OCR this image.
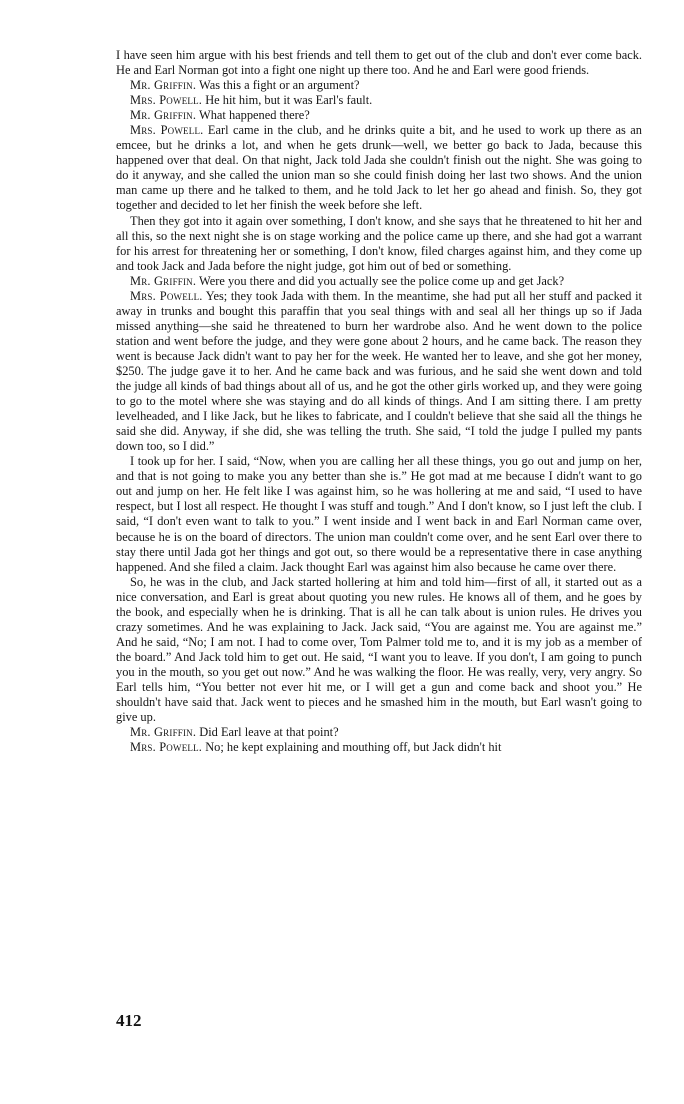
I have seen him argue with his best friends and tell them to get out of the club and don't ever come back. He and Earl Norman got into a fight one night up there too. And he and Earl were good friends.

Mr. Griffin. Was this a fight or an argument?

Mrs. Powell. He hit him, but it was Earl's fault.

Mr. Griffin. What happened there?

Mrs. Powell. Earl came in the club, and he drinks quite a bit, and he used to work up there as an emcee, but he drinks a lot, and when he gets drunk—well, we better go back to Jada, because this happened over that deal. On that night, Jack told Jada she couldn't finish out the night. She was going to do it anyway, and she called the union man so she could finish doing her last two shows. And the union man came up there and he talked to them, and he told Jack to let her go ahead and finish. So, they got together and decided to let her finish the week before she left.

Then they got into it again over something, I don't know, and she says that he threatened to hit her and all this, so the next night she is on stage working and the police came up there, and she had got a warrant for his arrest for threatening her or something, I don't know, filed charges against him, and they come up and took Jack and Jada before the night judge, got him out of bed or something.

Mr. Griffin. Were you there and did you actually see the police come up and get Jack?

Mrs. Powell. Yes; they took Jada with them. In the meantime, she had put all her stuff and packed it away in trunks and bought this paraffin that you seal things with and seal all her things up so if Jada missed anything—she said he threatened to burn her wardrobe also. And he went down to the police station and went before the judge, and they were gone about 2 hours, and he came back. The reason they went is because Jack didn't want to pay her for the week. He wanted her to leave, and she got her money, $250. The judge gave it to her. And he came back and was furious, and he said she went down and told the judge all kinds of bad things about all of us, and he got the other girls worked up, and they were going to go to the motel where she was staying and do all kinds of things. And I am sitting there. I am pretty levelheaded, and I like Jack, but he likes to fabricate, and I couldn't believe that she said all the things he said she did. Anyway, if she did, she was telling the truth. She said, “I told the judge I pulled my pants down too, so I did.”

I took up for her. I said, “Now, when you are calling her all these things, you go out and jump on her, and that is not going to make you any better than she is.” He got mad at me because I didn't want to go out and jump on her. He felt like I was against him, so he was hollering at me and said, “I used to have respect, but I lost all respect. He thought I was stuff and tough.” And I don't know, so I just left the club. I said, “I don't even want to talk to you.” I went inside and I went back in and Earl Norman came over, because he is on the board of directors. The union man couldn't come over, and he sent Earl over there to stay there until Jada got her things and got out, so there would be a representative there in case anything happened. And she filed a claim. Jack thought Earl was against him also because he came over there.

So, he was in the club, and Jack started hollering at him and told him—first of all, it started out as a nice conversation, and Earl is great about quoting you new rules. He knows all of them, and he goes by the book, and especially when he is drinking. That is all he can talk about is union rules. He drives you crazy sometimes. And he was explaining to Jack. Jack said, “You are against me. You are against me.” And he said, “No; I am not. I had to come over, Tom Palmer told me to, and it is my job as a member of the board.” And Jack told him to get out. He said, “I want you to leave. If you don't, I am going to punch you in the mouth, so you get out now.” And he was walking the floor. He was really, very, very angry. So Earl tells him, “You better not ever hit me, or I will get a gun and come back and shoot you.” He shouldn't have said that. Jack went to pieces and he smashed him in the mouth, but Earl wasn't going to give up.

Mr. Griffin. Did Earl leave at that point?

Mrs. Powell. No; he kept explaining and mouthing off, but Jack didn't hit

412
